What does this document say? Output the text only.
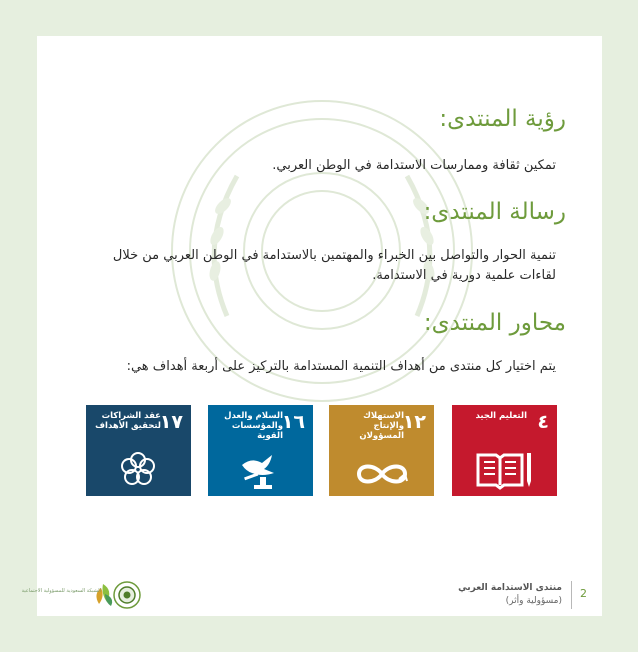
رؤية المنتدى:
تمكين ثقافة وممارسات الاستدامة في الوطن العربي.
رسالة المنتدى:
تنمية الحوار والتواصل بين الخبراء والمهتمين بالاستدامة في الوطن العربي من خلال لقاءات علمية دورية في الاستدامة.
محاور المنتدى:
يتم اختيار كل منتدى من أهداف التنمية المستدامة بالتركيز على أربعة أهداف هي:
١٧
عقد الشراكات لتحقيق الأهداف	١٦
السلام والعدل والمؤسسات القوية
١٢
الاستهلاك والإنتاج المسؤولان
٤
التعليم الجيد
الشبكة السعودية للمسؤولية الاجتماعية	منتدى الاستدامة العربي
(مسؤولية وأثر)
2
